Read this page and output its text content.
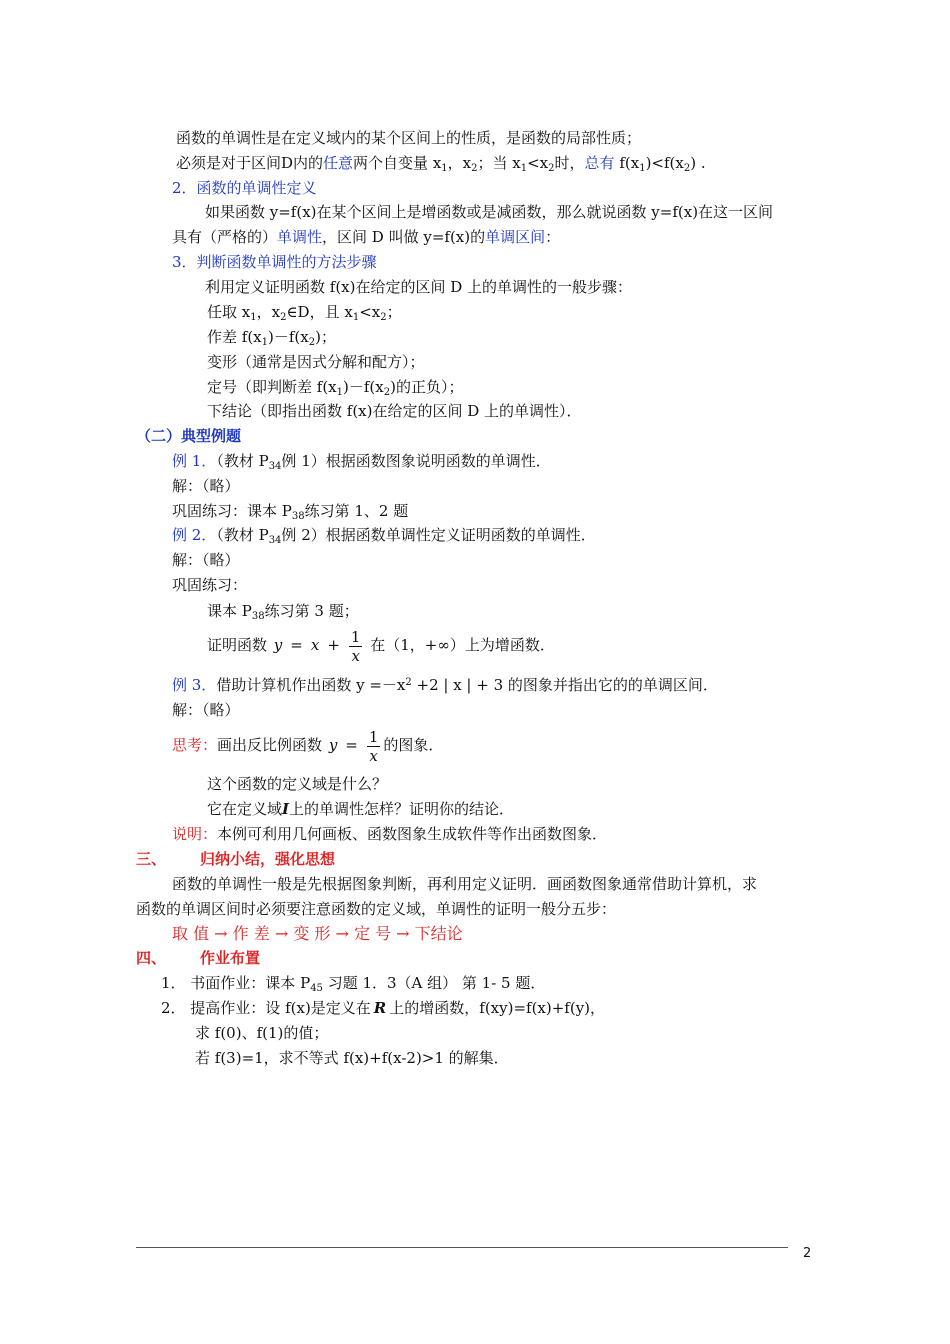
函数的单调性是在定义域内的某个区间上的性质，是函数的局部性质；
必须是对于区间D内的任意两个自变量 $x_1$，$x_2$；当 $x_1<x_2$时，总有 $f(x_1)<f(x_2)$ .
2．函数的单调性定义
如果函数 y=f(x)在某个区间上是增函数或是减函数，那么就说函数 y=f(x)在这一区间
具有（严格的）单调性，区间 D 叫做 y=f(x)的单调区间：
3．判断函数单调性的方法步骤
利用定义证明函数 f(x)在给定的区间 D 上的单调性的一般步骤：
任取 $x_1$，$x_2\in D$，且 $x_1<x_2$；
作差 $f(x_1)-f(x_2)$；
变形（通常是因式分解和配方）；
定号（即判断差 $f(x_1)-f(x_2)$的正负）；
下结论（即指出函数 f(x)在给定的区间 D 上的单调性）．
（二）典型例题
例 1．（教材 $P_{34}$例 1）根据函数图象说明函数的单调性．
解：（略）
巩固练习：课本 $P_{38}$练习第 1、2 题
例 2．（教材 $P_{34}$例 2）根据函数单调性定义证明函数的单调性．
解：（略）
巩固练习：
课本 $P_{38}$练习第 3 题；
证明函数 $y = x + \frac{1}{x}$ 在（1，+∞）上为增函数．
例 3．借助计算机作出函数 $y =-x^2 +2$ | x | + 3 的图象并指出它的的单调区间．
解：（略）
思考：画出反比例函数 $y = \frac{1}{x}$ 的图象．
这个函数的定义域是什么？
它在定义域I上的单调性怎样？证明你的结论．
说明：本例可利用几何画板、函数图象生成软件等作出函数图象．
三、 归纳小结，强化思想
函数的单调性一般是先根据图象判断，再利用定义证明．画函数图象通常借助计算机，求
函数的单调区间时必须要注意函数的定义域，单调性的证明一般分五步：
取 值 → 作 差 → 变 形 → 定 号 → 下结论
四、 作业布置
1． 书面作业：课本 $P_{45}$ 习题 1．3（A 组） 第 1- 5 题．
2． 提高作业：设 f(x)是定义在 R 上的增函数，f(xy)=f(x)+f(y)，
求 f(0)、f(1)的值；
若 f(3)=1，求不等式 f(x)+f(x-2)>1 的解集．
2
